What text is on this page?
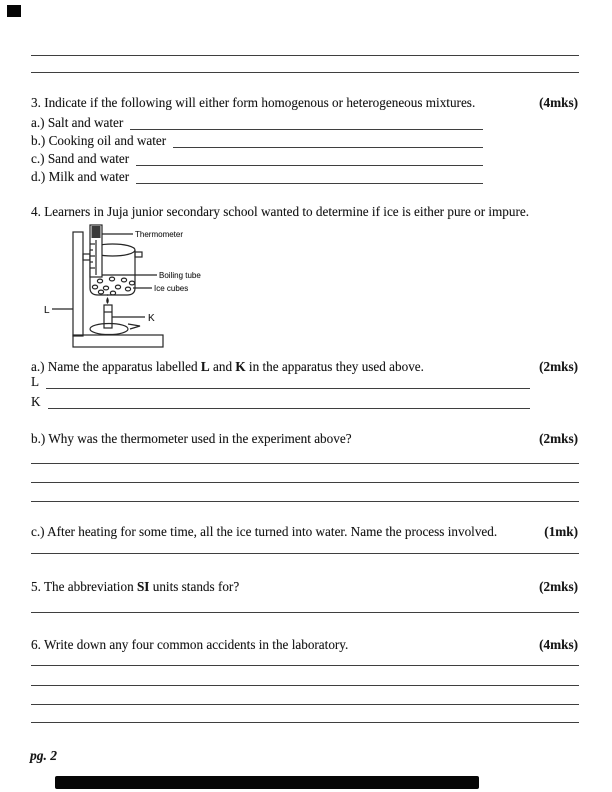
3. Indicate if the following will either form homogenous or heterogeneous mixtures.	(4mks)
a.) Salt and water
b.) Cooking oil and water
c.) Sand and water
d.) Milk and water
4. Learners in Juja junior secondary school wanted to determine if ice is either pure or impure.
Thermometer
Boiling tube
Ice cubes
L
K
a.) Name the apparatus labelled L and K in the apparatus they used above.	(2mks)
L
K
b.) Why was the thermometer used in the experiment above?	(2mks)
c.) After heating for some time, all the ice turned into water. Name the process involved.	(1mk)
5. The abbreviation SI units stands for?	(2mks)
6. Write down any four common accidents in the laboratory.	(4mks)
pg. 2
